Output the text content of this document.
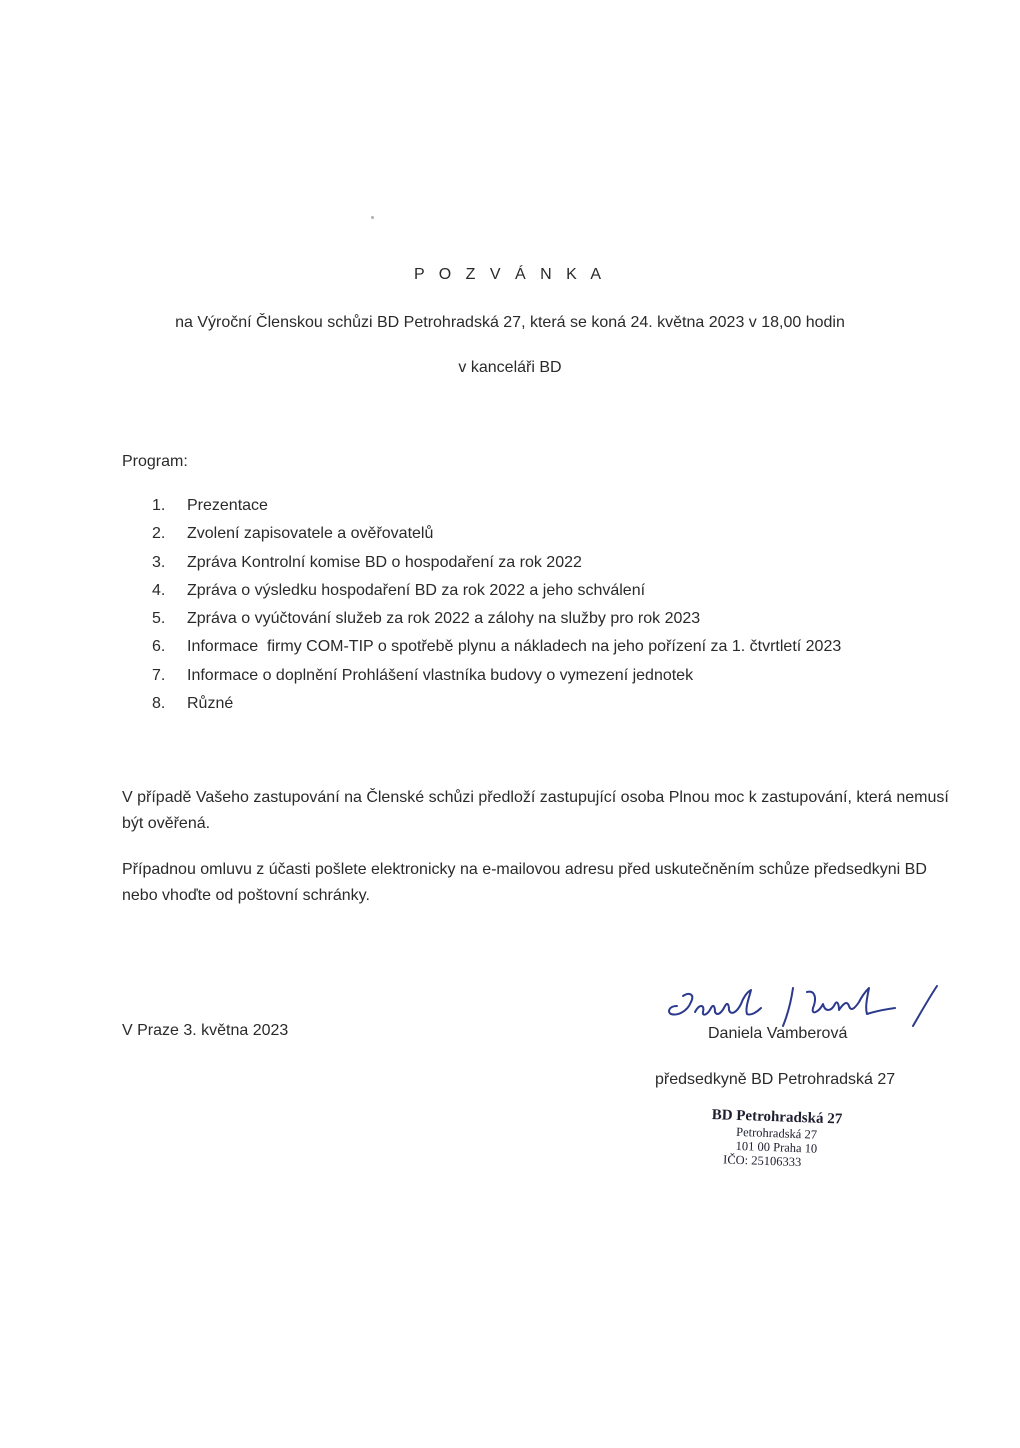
P O Z V Á N K A
na Výroční Členskou schůzi BD Petrohradská 27, která se koná 24. května 2023 v 18,00 hodin
v kanceláři BD
Program:
1.	Prezentace
2.	Zvolení zapisovatele a ověřovatelů
3.	Zpráva Kontrolní komise BD o hospodaření za rok 2022
4.	Zpráva o výsledku hospodaření BD za rok 2022 a jeho schválení
5.	Zpráva o vyúčtování služeb za rok 2022 a zálohy na služby pro rok 2023
6.	Informace  firmy COM-TIP o spotřebě plynu a nákladech na jeho pořízení za 1. čtvrtletí 2023
7.	Informace o doplnění Prohlášení vlastníka budovy o vymezení jednotek
8.	Různé
V případě Vašeho zastupování na Členské schůzi předloží zastupující osoba Plnou moc k zastupování, která nemusí být ověřená.
Případnou omluvu z účasti pošlete elektronicky na e-mailovou adresu před uskutečněním schůze předsedkyni BD nebo vhoďte od poštovní schránky.
V Praze 3. května 2023	Daniela Vamberová
předsedkyně BD Petrohradská 27
BD Petrohradská 27
Petrohradská 27
101 00 Praha 10
IČO: 25106333
